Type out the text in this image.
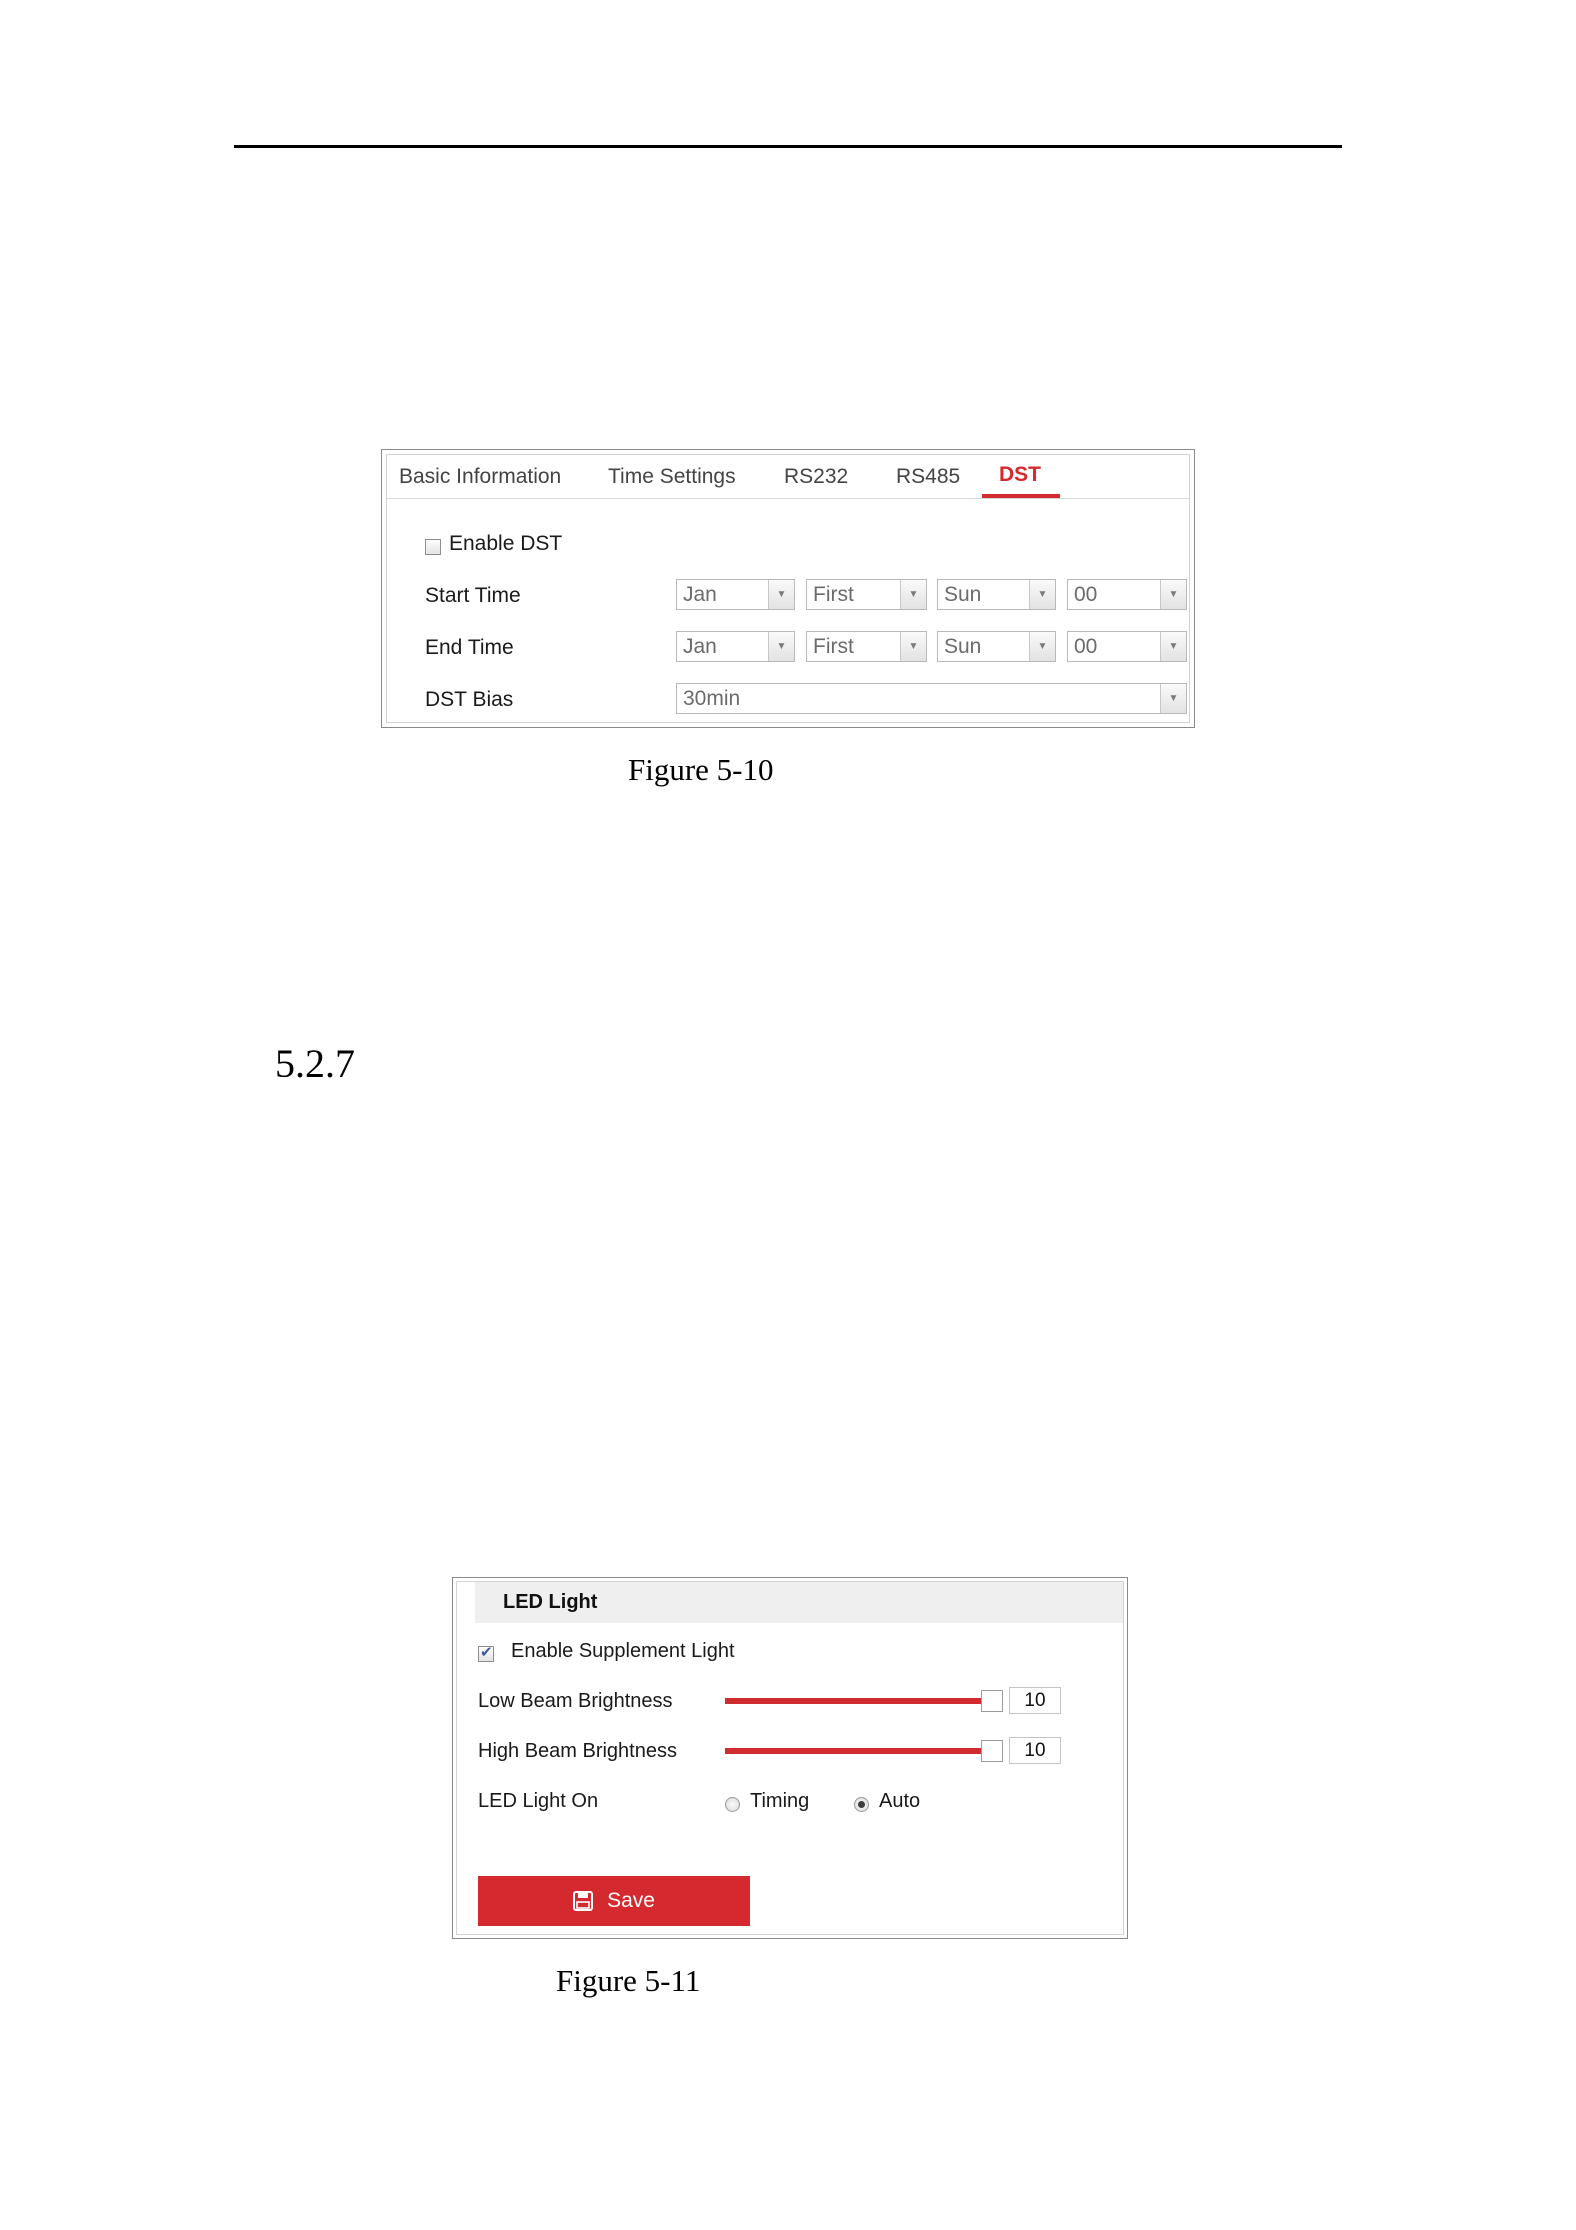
Basic Information Time Settings RS232 RS485 DST
Enable DST
Start Time	Jan	▼ First	▼ Sun	▼ 00	▼
End Time	Jan	▼ First	▼ Sun	▼ 00	▼
DST Bias	30min	▼
Figure 5-10
5.2.7
LED Light
✔
Enable Supplement Light
Low Beam Brightness	10
High Beam Brightness	10
LED Light On	Timing	Auto
Save
Figure 5-11
